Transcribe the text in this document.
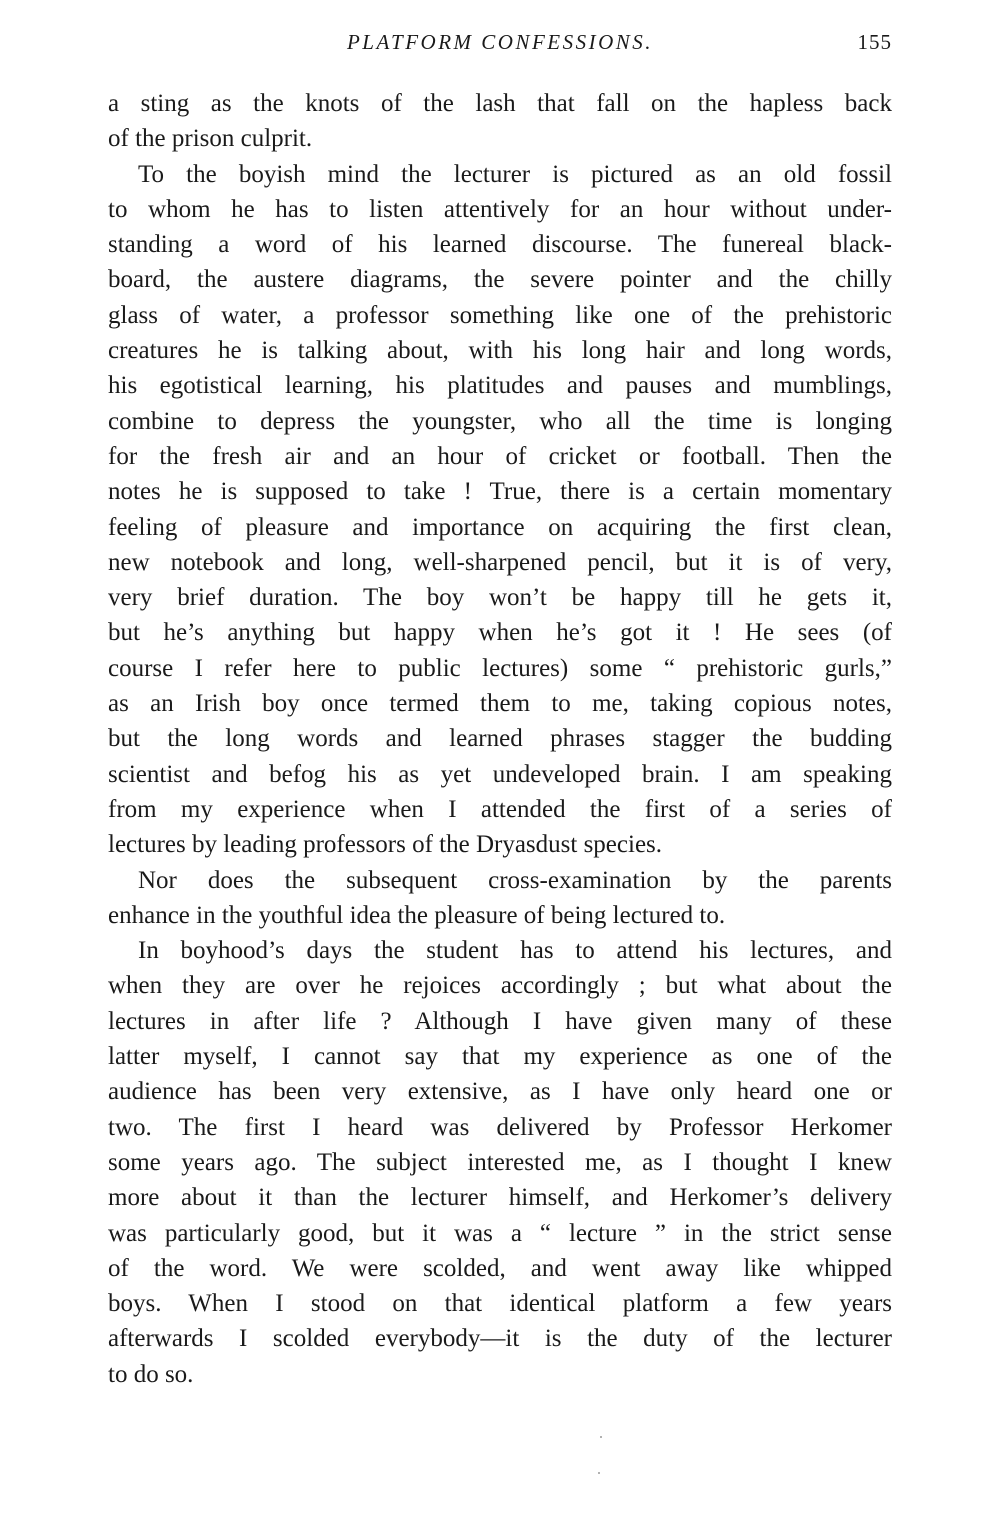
PLATFORM CONFESSIONS.	155
a sting as the knots of the lash that fall on the hapless back
of the prison culprit.
To the boyish mind the lecturer is pictured as an old fossil
to whom he has to listen attentively for an hour without under-
standing a word of his learned discourse. The funereal black-
board, the austere diagrams, the severe pointer and the chilly
glass of water, a professor something like one of the prehistoric
creatures he is talking about, with his long hair and long words,
his egotistical learning, his platitudes and pauses and mumblings,
combine to depress the youngster, who all the time is longing
for the fresh air and an hour of cricket or football. Then the
notes he is supposed to take ! True, there is a certain momentary
feeling of pleasure and importance on acquiring the first clean,
new notebook and long, well-sharpened pencil, but it is of very,
very brief duration. The boy won’t be happy till he gets it,
but he’s anything but happy when he’s got it ! He sees (of
course I refer here to public lectures) some “ prehistoric gurls,”
as an Irish boy once termed them to me, taking copious notes,
but the long words and learned phrases stagger the budding
scientist and befog his as yet undeveloped brain. I am speaking
from my experience when I attended the first of a series of
lectures by leading professors of the Dryasdust species.
Nor does the subsequent cross-examination by the parents
enhance in the youthful idea the pleasure of being lectured to.
In boyhood’s days the student has to attend his lectures, and
when they are over he rejoices accordingly ; but what about the
lectures in after life ? Although I have given many of these
latter myself, I cannot say that my experience as one of the
audience has been very extensive, as I have only heard one or
two. The first I heard was delivered by Professor Herkomer
some years ago. The subject interested me, as I thought I knew
more about it than the lecturer himself, and Herkomer’s delivery
was particularly good, but it was a “ lecture ” in the strict sense
of the word. We were scolded, and went away like whipped
boys. When I stood on that identical platform a few years
afterwards I scolded everybody—it is the duty of the lecturer
to do so.
